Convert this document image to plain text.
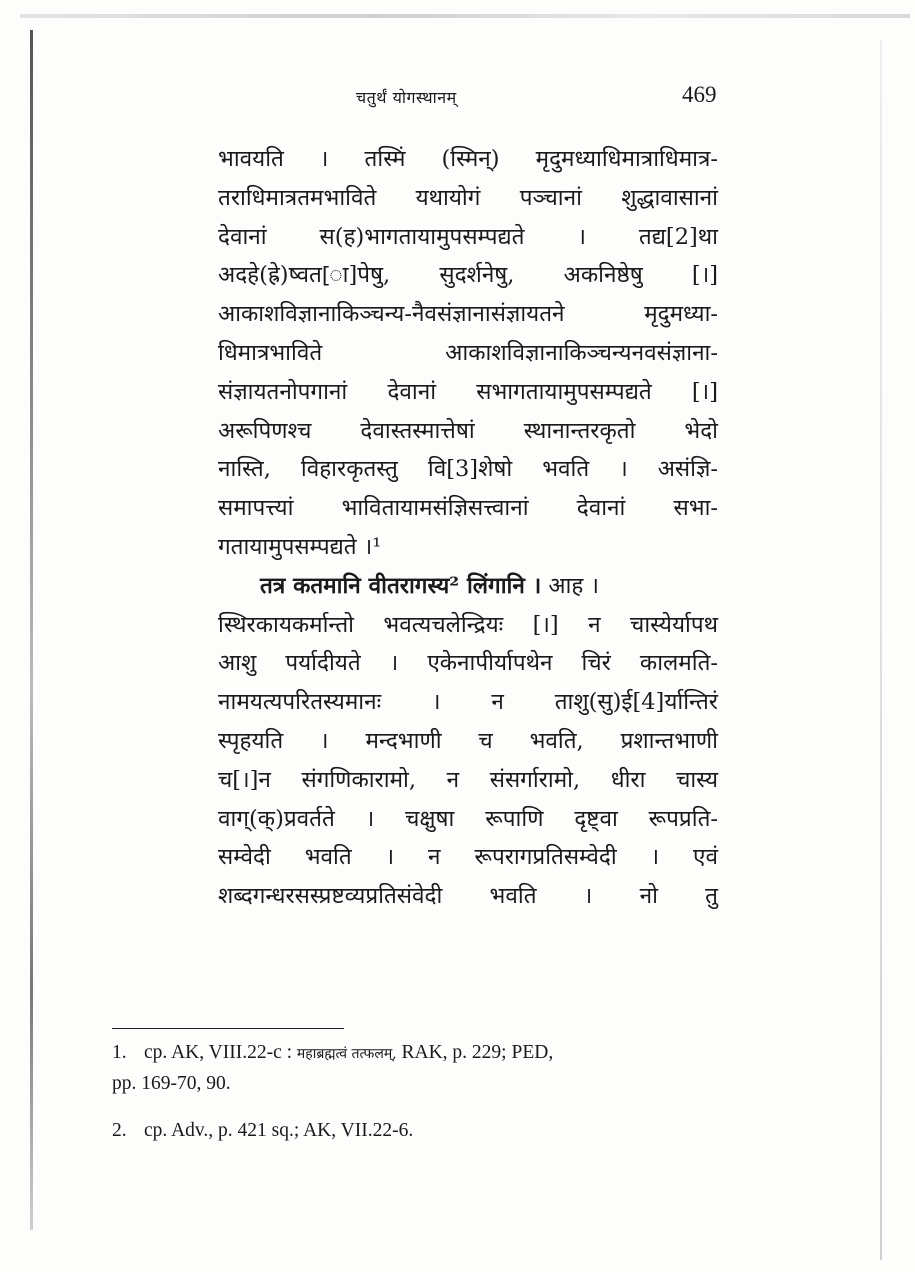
चतुर्थं योगस्थानम्	469
भावयति । तस्मिं (स्मिन्) मृदुमध्याधिमात्राधिमात्र-
तराधिमात्रतमभाविते यथायोगं पञ्चानां शुद्धावासानां
देवानां स(ह)भागतायामुपसम्पद्यते । तद्य[2]था
अदहे(ह्रे)ष्वत[ा]पेषु, सुदर्शनेषु, अकनिष्ठेषु [।]
आकाशविज्ञानाकिञ्चन्य-नैवसंज्ञानासंज्ञायतने मृदुमध्या-
धिमात्रभाविते आकाशविज्ञानाकिञ्चन्यनवसंज्ञाना-
संज्ञायतनोपगानां देवानां सभागतायामुपसम्पद्यते [।]
अरूपिणश्च देवास्तस्मात्तेषां स्थानान्तरकृतो भेदो
नास्ति, विहारकृतस्तु वि[3]शेषो भवति । असंज्ञि-
समापत्त्यां भावितायामसंज्ञिसत्त्वानां देवानां सभा-
गतायामुपसम्पद्यते ।¹
तत्र कतमानि वीतरागस्य² लिंगानि । आह ।
स्थिरकायकर्मान्तो भवत्यचलेन्द्रियः [।] न चास्येर्यापथ
आशु पर्यादीयते । एकेनापीर्यापथेन चिरं कालमति-
नामयत्यपरितस्यमानः । न ताशु(सु)ई[4]र्यान्तिरं
स्पृहयति । मन्दभाणी च भवति, प्रशान्तभाणी
च[।]न संगणिकारामो, न संसर्गारामो, धीरा चास्य
वाग्(क्)प्रवर्तते । चक्षुषा रूपाणि दृष्ट्वा रूपप्रति-
सम्वेदी भवति । न रूपरागप्रतिसम्वेदी । एवं
शब्दगन्धरसस्प्रष्टव्यप्रतिसंवेदी भवति । नो तु
1. cp. AK, VIII.22-c : महाब्रह्मत्वं तत्फलम्, RAK, p. 229; PED,
pp. 169-70, 90.
2. cp. Adv., p. 421 sq.; AK, VII.22-6.
